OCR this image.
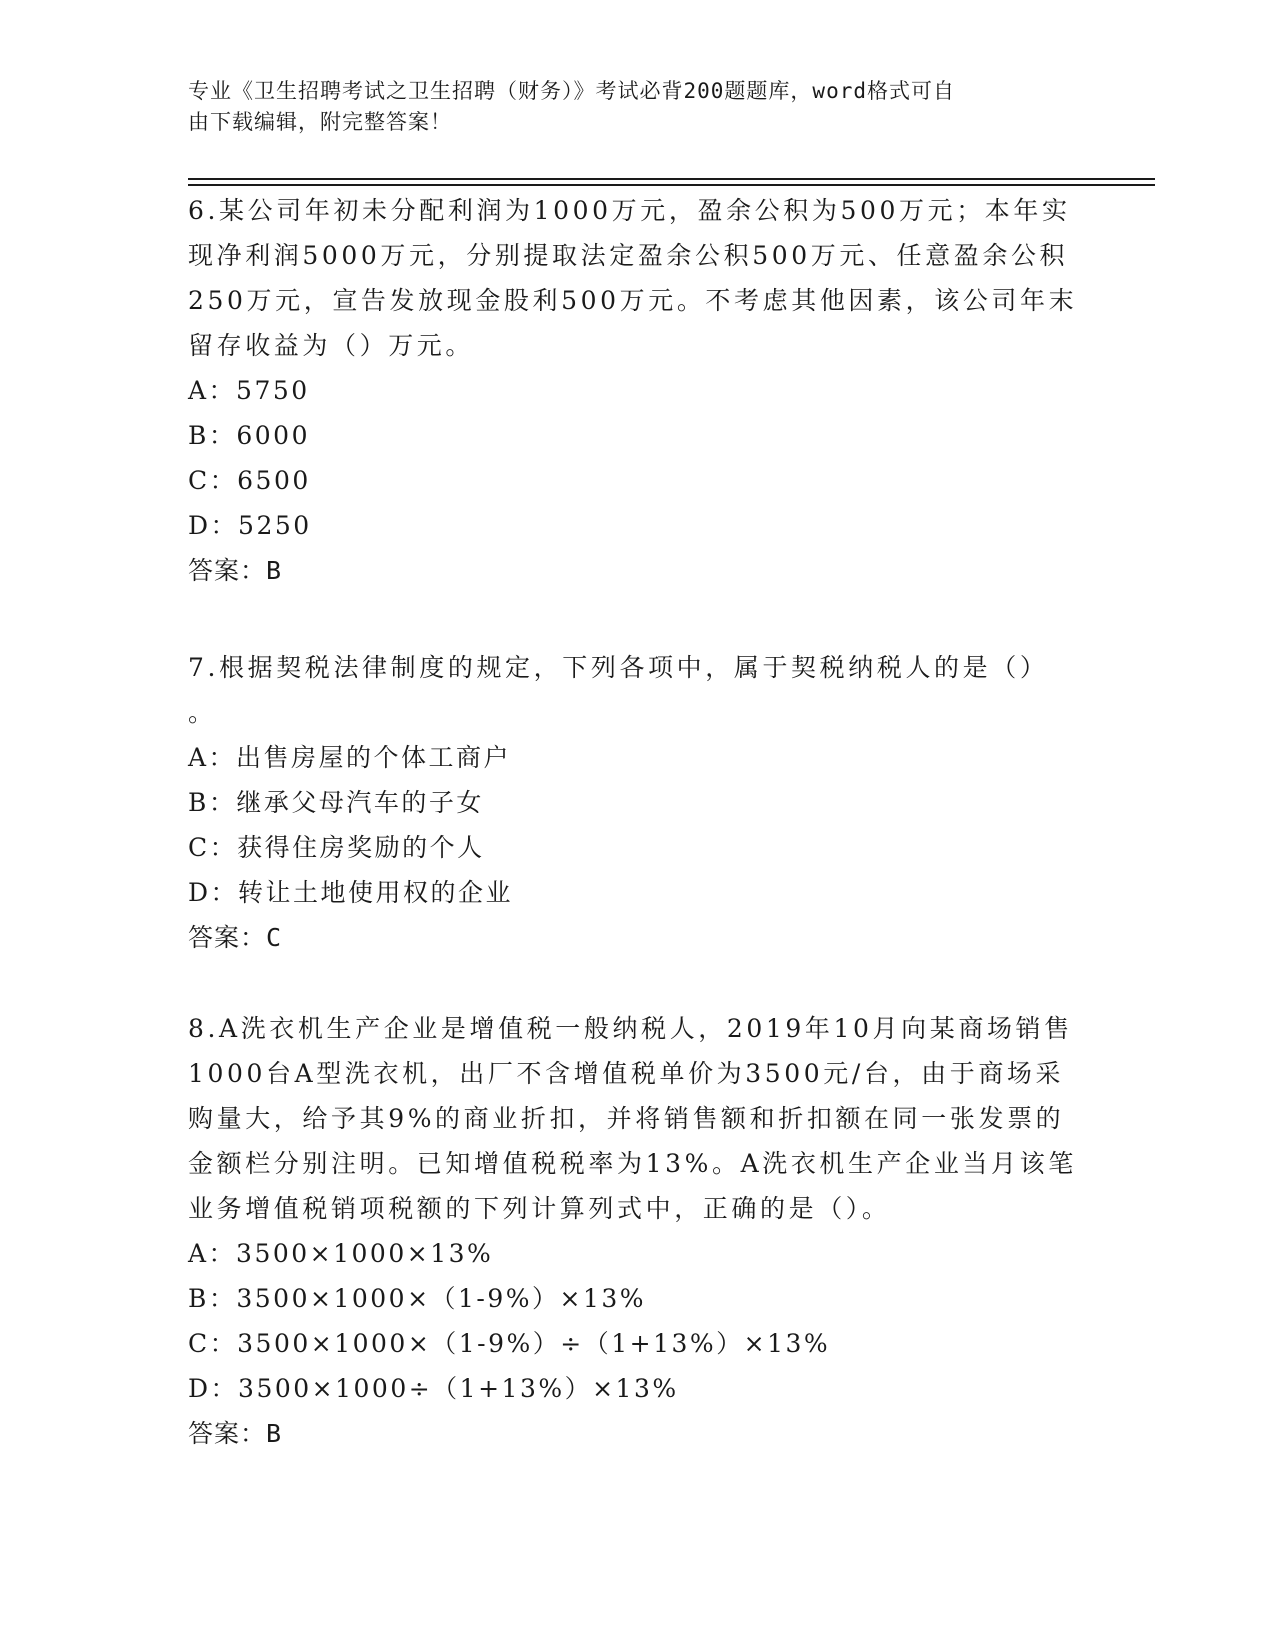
专业《卫生招聘考试之卫生招聘（财务）》考试必背200题题库，word格式可自
由下载编辑，附完整答案！

6.某公司年初未分配利润为1000万元，盈余公积为500万元；本年实

现净利润5000万元，分别提取法定盈余公积500万元、任意盈余公积

250万元，宣告发放现金股利500万元。不考虑其他因素，该公司年末

留存收益为（）万元。

A：5750

B：6000

C：6500

D：5250

答案：B

7.根据契税法律制度的规定，下列各项中，属于契税纳税人的是（）

。

A：出售房屋的个体工商户

B：继承父母汽车的子女

C：获得住房奖励的个人

D：转让土地使用权的企业

答案：C

8.A洗衣机生产企业是增值税一般纳税人，2019年10月向某商场销售

1000台A型洗衣机，出厂不含增值税单价为3500元/台，由于商场采

购量大，给予其9%的商业折扣，并将销售额和折扣额在同一张发票的

金额栏分别注明。已知增值税税率为13%。A洗衣机生产企业当月该笔

业务增值税销项税额的下列计算列式中，正确的是（）。

A：3500×1000×13%

B：3500×1000×（1-9%）×13%

C：3500×1000×（1-9%）÷（1+13%）×13%

D：3500×1000÷（1+13%）×13%

答案：B
